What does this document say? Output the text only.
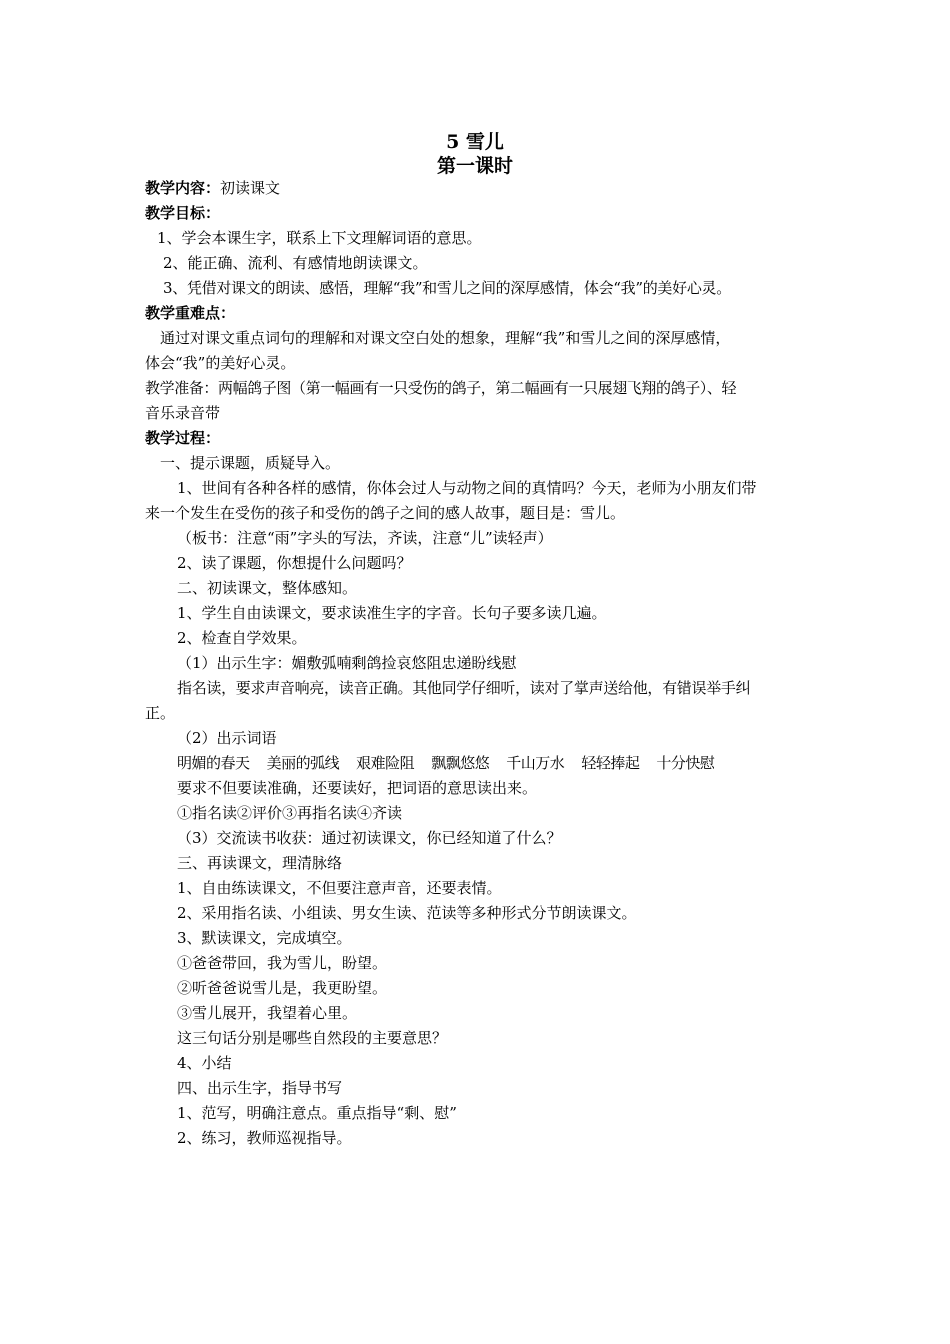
5 雪儿
第一课时
教学内容：初读课文
教学目标：
1、学会本课生字，联系上下文理解词语的意思。
2、能正确、流利、有感情地朗读课文。
3、凭借对课文的朗读、感悟，理解“我”和雪儿之间的深厚感情，体会“我”的美好心灵。
教学重难点：
通过对课文重点词句的理解和对课文空白处的想象，理解“我”和雪儿之间的深厚感情，
体会“我”的美好心灵。
教学准备：两幅鸽子图（第一幅画有一只受伤的鸽子，第二幅画有一只展翅飞翔的鸽子）、轻
音乐录音带
教学过程：
一、提示课题，质疑导入。
1、世间有各种各样的感情，你体会过人与动物之间的真情吗？今天，老师为小朋友们带
来一个发生在受伤的孩子和受伤的鸽子之间的感人故事，题目是：雪儿。
（板书：注意“雨”字头的写法，齐读，注意“儿”读轻声）
2、读了课题，你想提什么问题吗？
二、初读课文，整体感知。
1、学生自由读课文，要求读准生字的字音。长句子要多读几遍。
2、检查自学效果。
（1）出示生字：媚敷弧喃剩鸽捡哀悠阻忠递盼线慰
指名读，要求声音响亮，读音正确。其他同学仔细听，读对了掌声送给他，有错误举手纠
正。
（2）出示词语
明媚的春天    美丽的弧线    艰难险阻    飘飘悠悠    千山万水    轻轻捧起    十分快慰
要求不但要读准确，还要读好，把词语的意思读出来。
①指名读②评价③再指名读④齐读
（3）交流读书收获：通过初读课文，你已经知道了什么？
三、再读课文，理清脉络
1、自由练读课文，不但要注意声音，还要表情。
2、采用指名读、小组读、男女生读、范读等多种形式分节朗读课文。
3、默读课文，完成填空。
①爸爸带回，我为雪儿，盼望。
②听爸爸说雪儿是，我更盼望。
③雪儿展开，我望着心里。
这三句话分别是哪些自然段的主要意思？
4、小结
四、出示生字，指导书写
1、范写，明确注意点。重点指导“剩、慰”
2、练习，教师巡视指导。
